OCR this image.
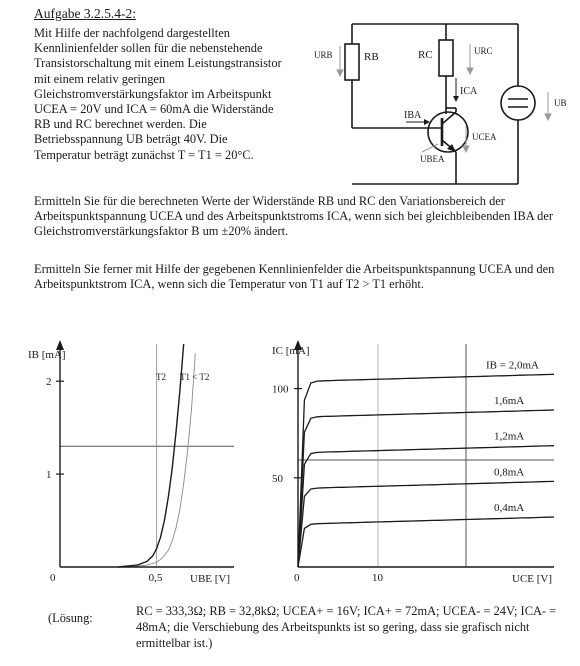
Aufgabe 3.2.5.4-2:
Mit Hilfe der nachfolgend dargestellten Kennlinienfelder sollen für die nebenstehende Transistorschaltung mit einem Leistungstransistor mit einem relativ geringen Gleichstromverstärkungsfaktor im Arbeitspunkt UCEA = 20V und ICA = 60mA die Widerstände RB und RC berechnet werden. Die Betriebsspannung UB beträgt 40V. Die Temperatur beträgt zunächst T = T1 = 20°C.
URB	RB	RC	URC
ICA
IBA
UCEA
UBEA
UB
Ermitteln Sie für die berechneten Werte der Widerstände RB und RC den Variationsbereich der Arbeitspunktspannung UCEA und des Arbeitspunktstroms ICA, wenn sich bei gleichbleibenden IBA der Gleichstromverstärkungsfaktor B um ±20% ändert.
Ermitteln Sie ferner mit Hilfe der gegebenen Kennlinienfelder die Arbeitspunktspannung UCEA und den Arbeitspunktstrom ICA, wenn sich die Temperatur von T1 auf T2 > T1 erhöht.
IB [mA]
UBE [V]
1
2
0	0,5
T2 T1 < T2
IC [mA]
UCE [V]
50
100
0	10
IB = 2,0mA
1,6mA
1,2mA
0,8mA
0,4mA
(Lösung:	RC = 333,3Ω; RB = 32,8kΩ; UCEA+ = 16V; ICA+ = 72mA; UCEA- = 24V; ICA- = 48mA; die Verschiebung des Arbeitspunkts ist so gering, dass sie grafisch nicht ermittelbar ist.)
